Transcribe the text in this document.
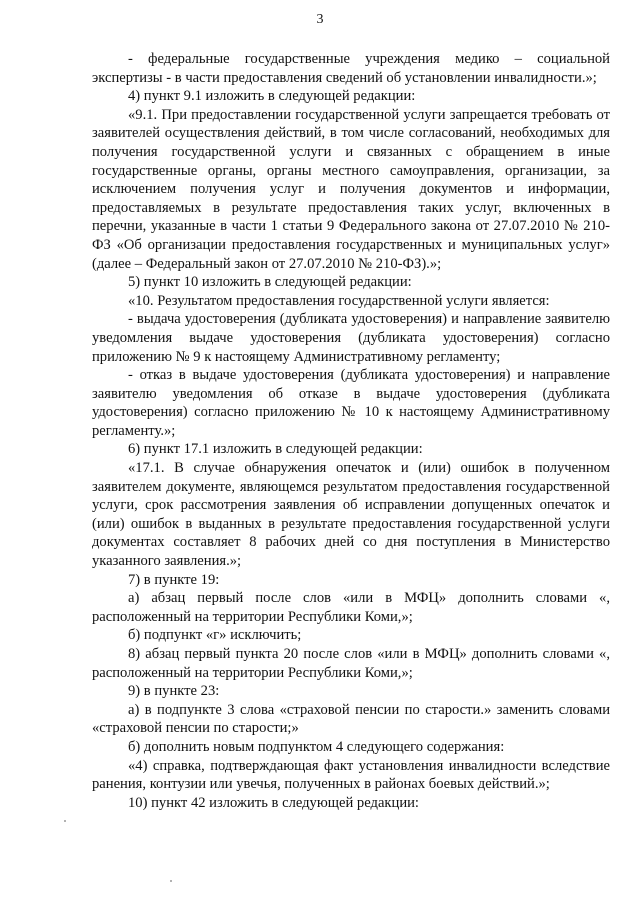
3

- федеральные государственные учреждения медико – социальной экспертизы - в части предоставления сведений об установлении инвалидности.»;

4) пункт 9.1 изложить в следующей редакции:

«9.1. При предоставлении государственной услуги запрещается требовать от заявителей осуществления действий, в том числе согласований, необходимых для получения государственной услуги и связанных с обращением в иные государственные органы, органы местного самоуправления, организации, за исключением получения услуг и получения документов и информации, предоставляемых в результате предоставления таких услуг, включенных в перечни, указанные в части 1 статьи 9 Федерального закона от 27.07.2010 № 210-ФЗ «Об организации предоставления государственных и муниципальных услуг» (далее – Федеральный закон от 27.07.2010 № 210-ФЗ).»;

5) пункт 10 изложить в следующей редакции:

«10. Результатом предоставления государственной услуги является:

- выдача удостоверения (дубликата удостоверения) и направление заявителю уведомления выдаче удостоверения (дубликата удостоверения) согласно приложению № 9 к настоящему Административному регламенту;

- отказ в выдаче удостоверения (дубликата удостоверения) и направление заявителю уведомления об отказе в выдаче удостоверения (дубликата удостоверения) согласно приложению № 10 к настоящему Административному регламенту.»;

6) пункт 17.1 изложить в следующей редакции:

«17.1. В случае обнаружения опечаток и (или) ошибок в полученном заявителем документе, являющемся результатом предоставления государственной услуги, срок рассмотрения заявления об исправлении допущенных опечаток и (или) ошибок в выданных в результате предоставления государственной услуги документах составляет 8 рабочих дней со дня поступления в Министерство указанного заявления.»;

7) в пункте 19:

а) абзац первый после слов «или в МФЦ» дополнить словами «, расположенный на территории Республики Коми,»;

б) подпункт «г» исключить;

8) абзац первый пункта 20 после слов «или в МФЦ» дополнить словами «, расположенный на территории Республики Коми,»;

9) в пункте 23:

а) в подпункте 3 слова «страховой пенсии по старости.» заменить словами «страховой пенсии по старости;»

б) дополнить новым подпунктом 4 следующего содержания:

«4) справка, подтверждающая факт установления инвалидности вследствие ранения, контузии или увечья, полученных в районах боевых действий.»;

10) пункт 42 изложить в следующей редакции:
